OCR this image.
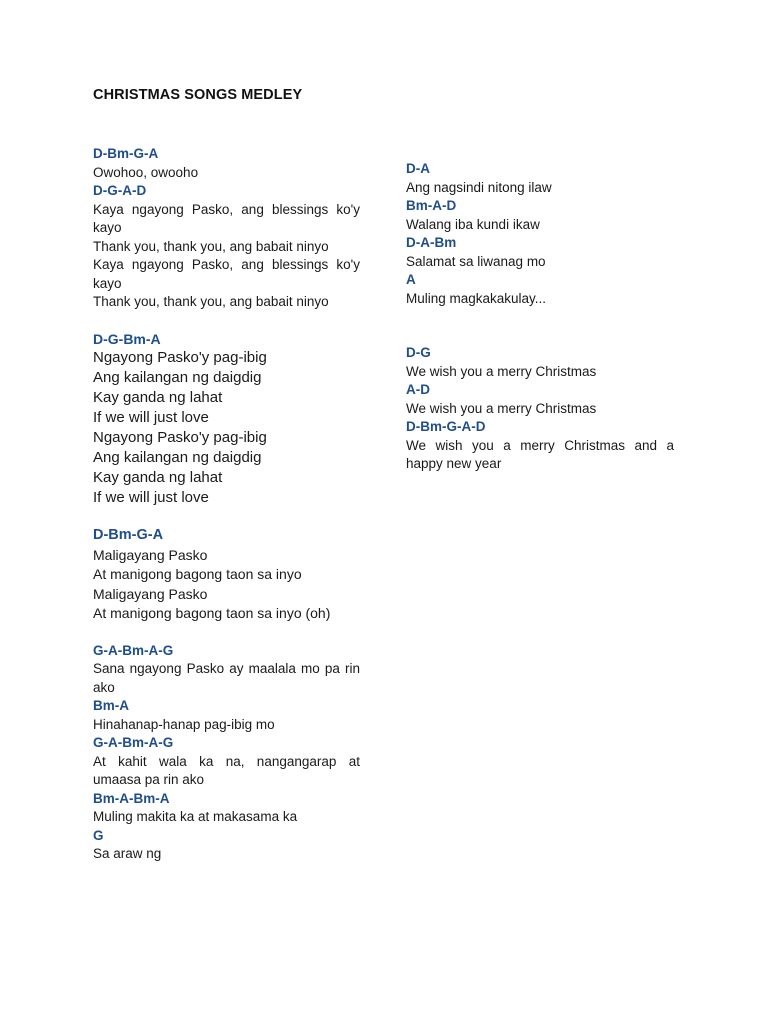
CHRISTMAS SONGS MEDLEY
D-Bm-G-A
Owohoo, owooho
D-G-A-D
Kaya ngayong Pasko, ang blessings ko'y kayo
Thank you, thank you, ang babait ninyo
Kaya ngayong Pasko, ang blessings ko'y kayo
Thank you, thank you, ang babait ninyo
D-G-Bm-A
Ngayong Pasko'y pag-ibig
Ang kailangan ng daigdig
Kay ganda ng lahat
If we will just love
Ngayong Pasko'y pag-ibig
Ang kailangan ng daigdig
Kay ganda ng lahat
If we will just love
D-Bm-G-A
Maligayang Pasko
At manigong bagong taon sa inyo
Maligayang Pasko
At manigong bagong taon sa inyo (oh)
G-A-Bm-A-G
Sana ngayong Pasko ay maalala mo pa rin ako
Bm-A
Hinahanap-hanap pag-ibig mo
G-A-Bm-A-G
At kahit wala ka na, nangangarap at umaasa pa rin ako
Bm-A-Bm-A
Muling makita ka at makasama ka
G
Sa araw ng
D-A
Ang nagsindi nitong ilaw
Bm-A-D
Walang iba kundi ikaw
D-A-Bm
Salamat sa liwanag mo
A
Muling magkakakulay...
D-G
We wish you a merry Christmas
A-D
We wish you a merry Christmas
D-Bm-G-A-D
We wish you a merry Christmas and a happy new year
